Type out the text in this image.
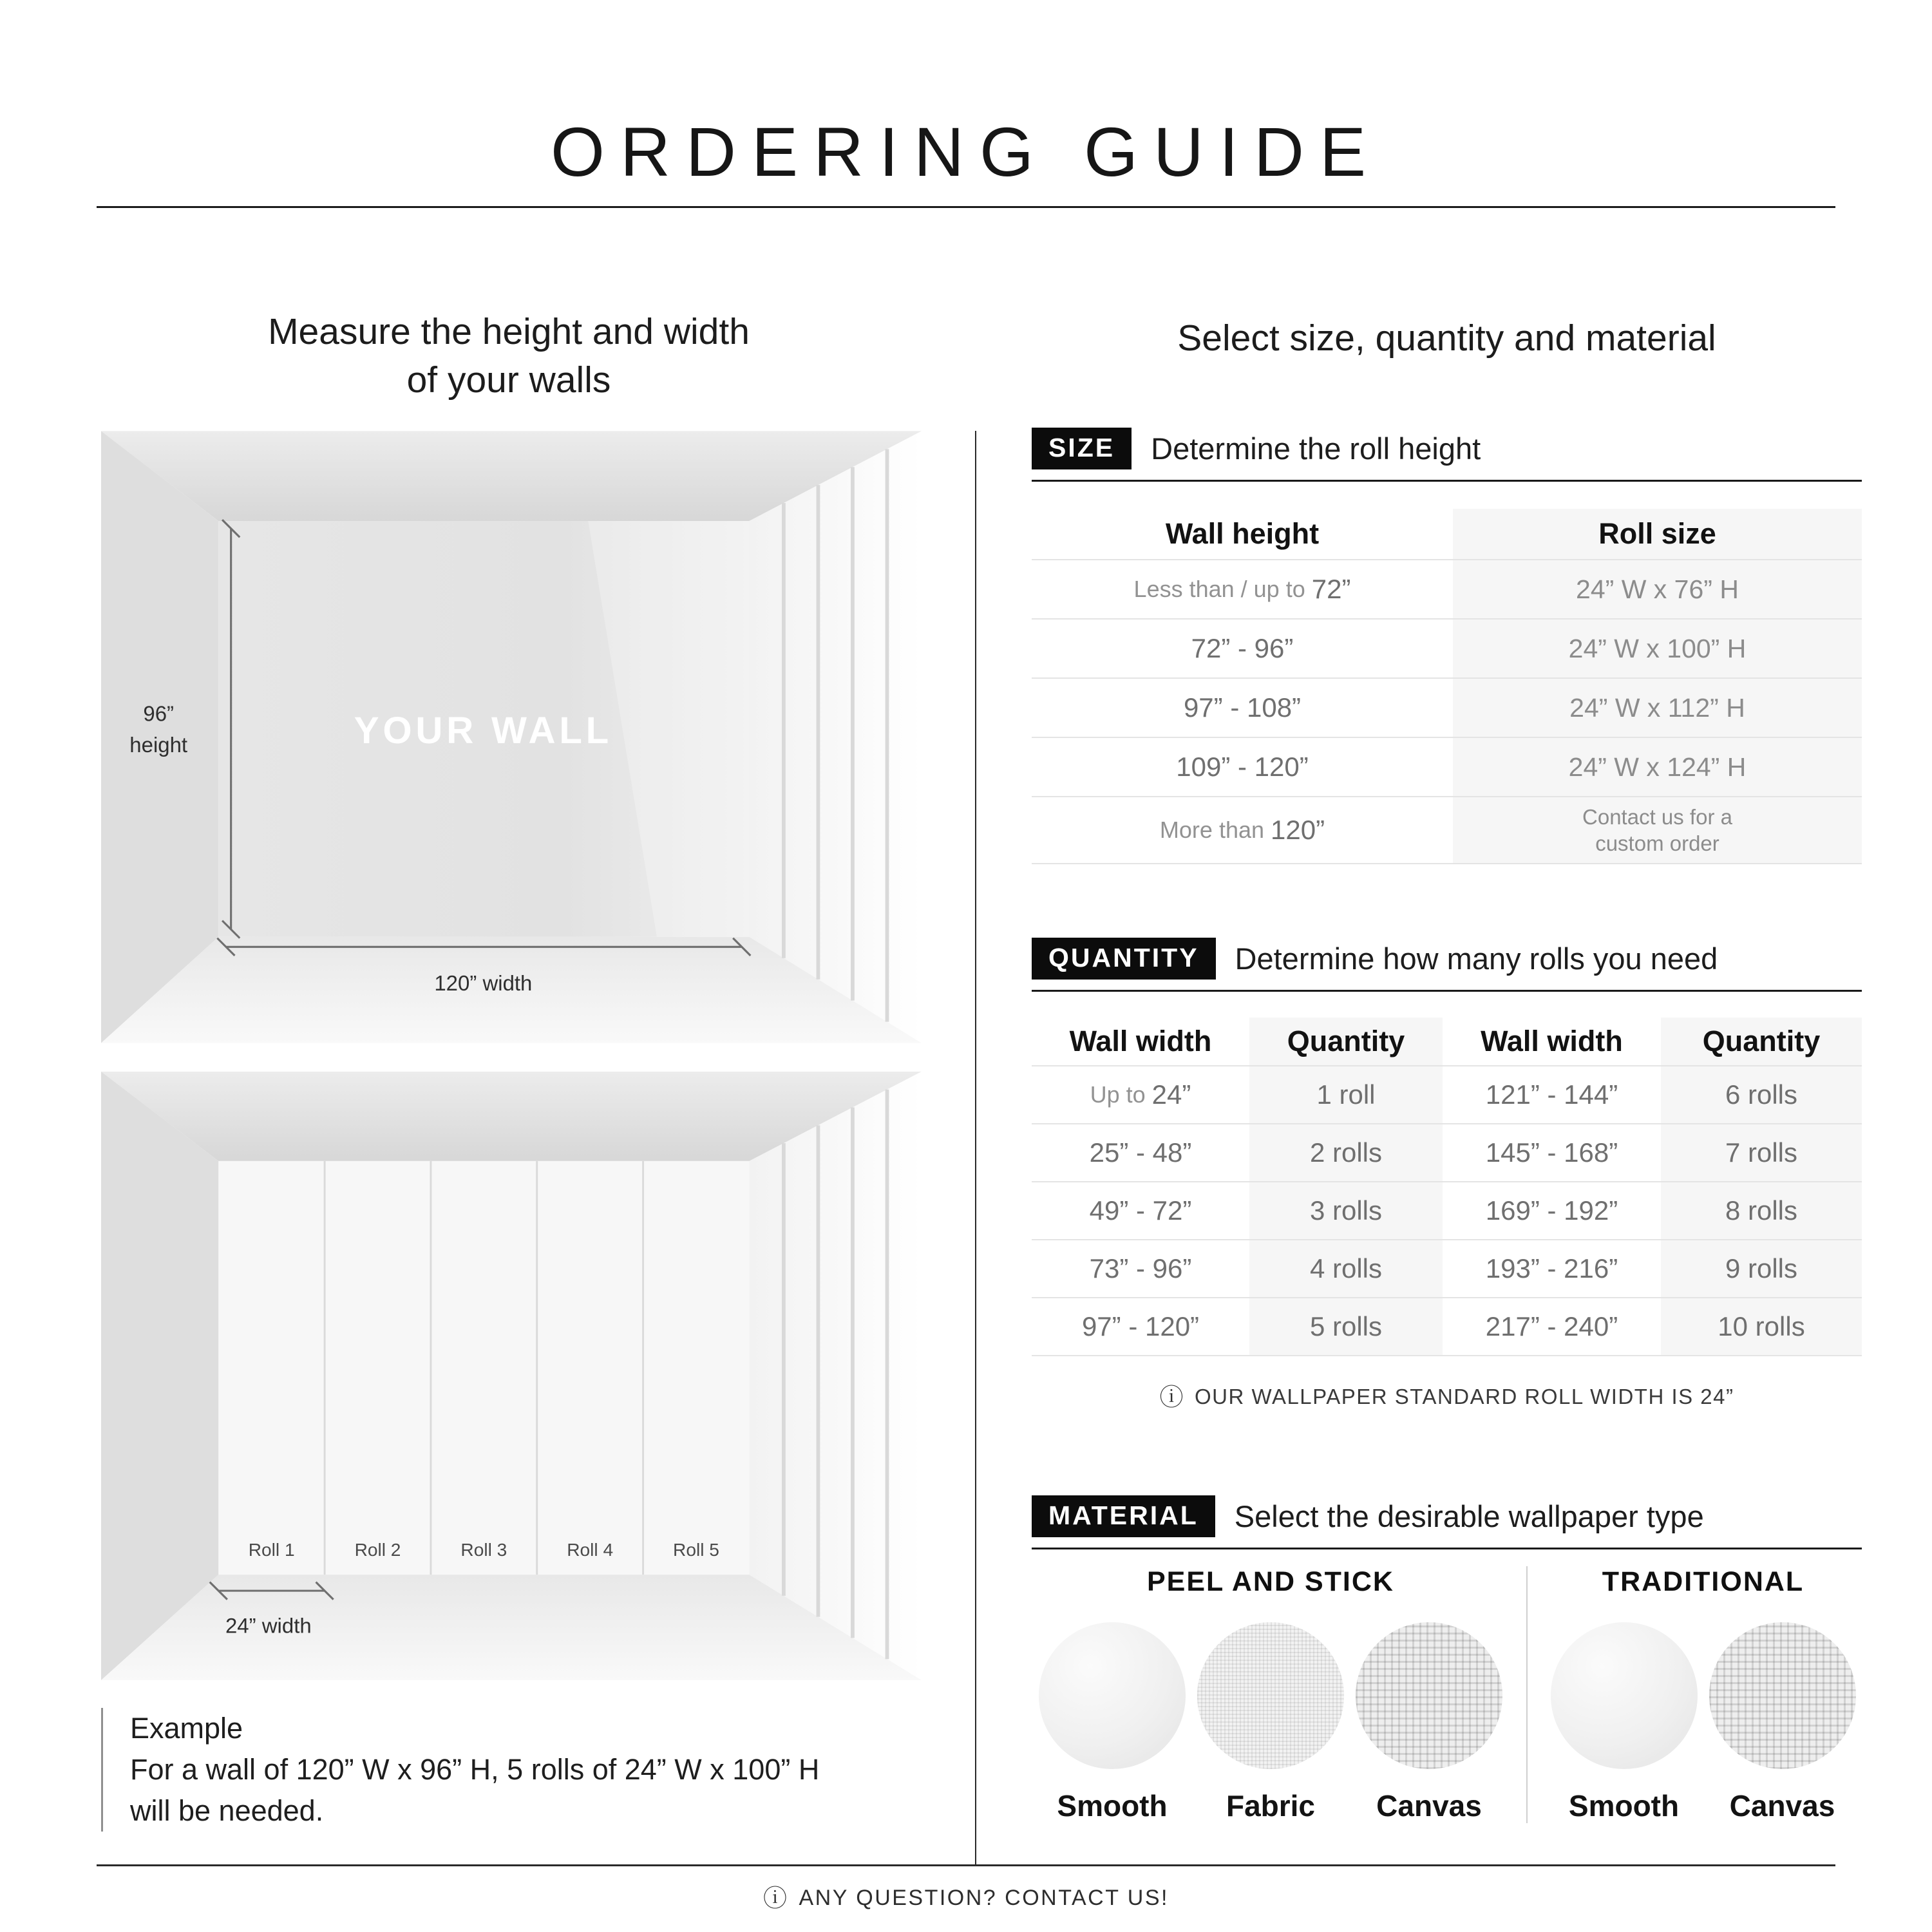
ORDERING GUIDE
Measure the height and width
of your walls
Select size, quantity and material
YOUR WALL
96”
height
120” width
Roll 1	Roll 2	Roll 3	Roll 4	Roll 5
24” width
Example
For a wall of 120” W x 96” H, 5 rolls of 24” W x 100” H
will be needed.
SIZE	Determine the roll height
Wall height	Roll size
Less than / up to 72”	24” W x 76” H
72” - 96”	24” W x 100” H
97” - 108”	24” W x 112” H
109” - 120”	24” W x 124” H
More than 120”	Contact us for a
custom order
QUANTITY	Determine how many rolls you need
Wall width	Quantity	Wall width	Quantity
Up to 24”	1 roll	121” - 144”	6 rolls
25” - 48”	2 rolls	145” - 168”	7 rolls
49” - 72”	3 rolls	169” - 192”	8 rolls
73” - 96”	4 rolls	193” - 216”	9 rolls
97” - 120”	5 rolls	217” - 240”	10 rolls
ⓘ OUR WALLPAPER STANDARD ROLL WIDTH IS 24”
MATERIAL	Select the desirable wallpaper type
PEEL AND STICK
Smooth Fabric Canvas
TRADITIONAL
Smooth Canvas
ⓘ ANY QUESTION? CONTACT US!
